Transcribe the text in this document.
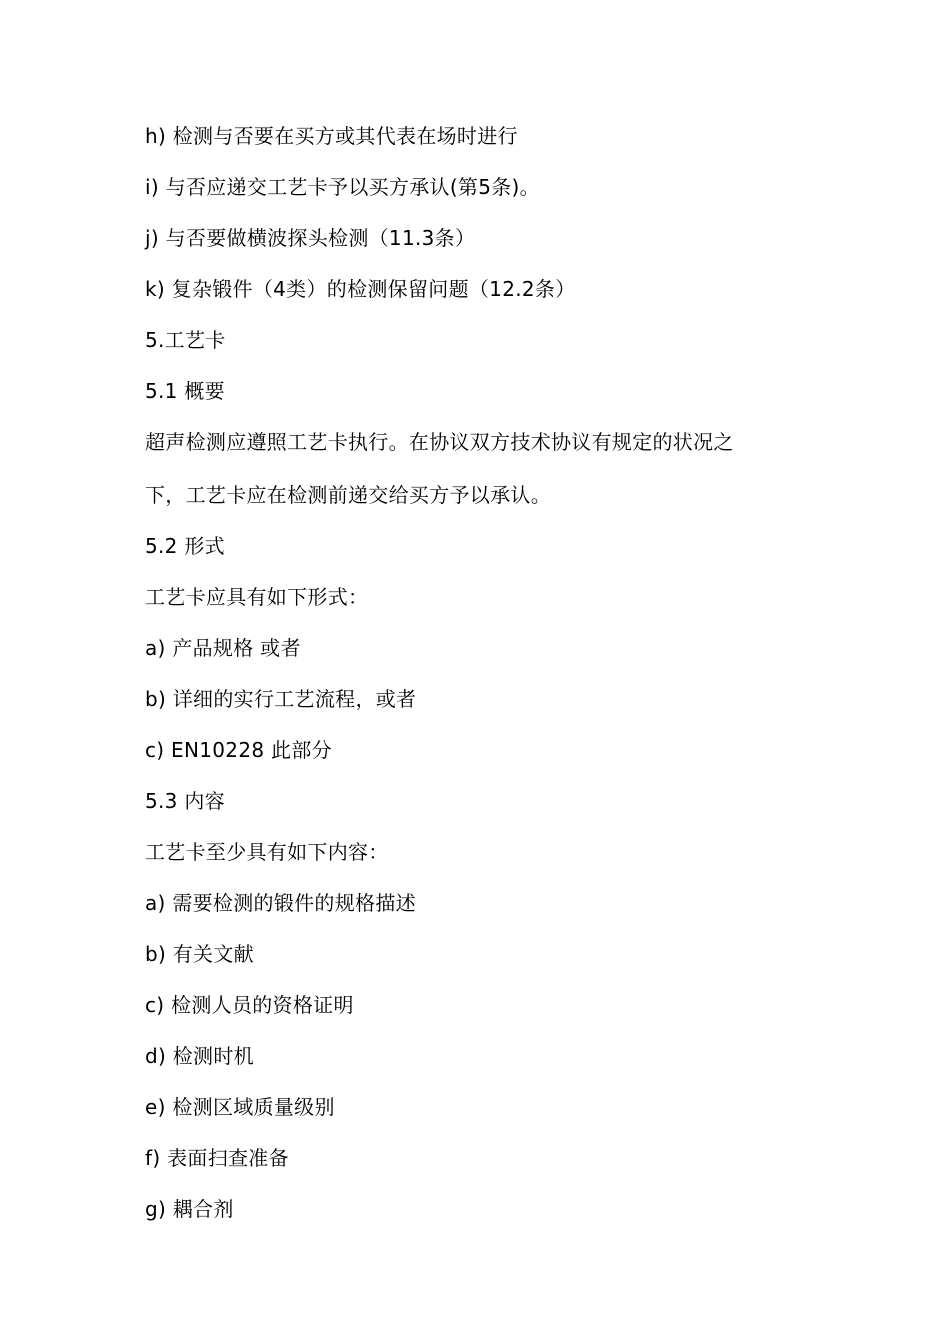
h) 检测与否要在买方或其代表在场时进行
i) 与否应递交工艺卡予以买方承认(第5条)。
j) 与否要做横波探头检测（11.3条）
k) 复杂锻件（4类）的检测保留问题（12.2条）
5.工艺卡
5.1 概要
超声检测应遵照工艺卡执行。在协议双方技术协议有规定的状况之
下，工艺卡应在检测前递交给买方予以承认。
5.2 形式
工艺卡应具有如下形式：
a) 产品规格 或者
b) 详细的实行工艺流程，或者
c) EN10228 此部分
5.3 内容
工艺卡至少具有如下内容：
a) 需要检测的锻件的规格描述
b) 有关文献
c) 检测人员的资格证明
d) 检测时机
e) 检测区域质量级别
f) 表面扫查准备
g) 耦合剂
